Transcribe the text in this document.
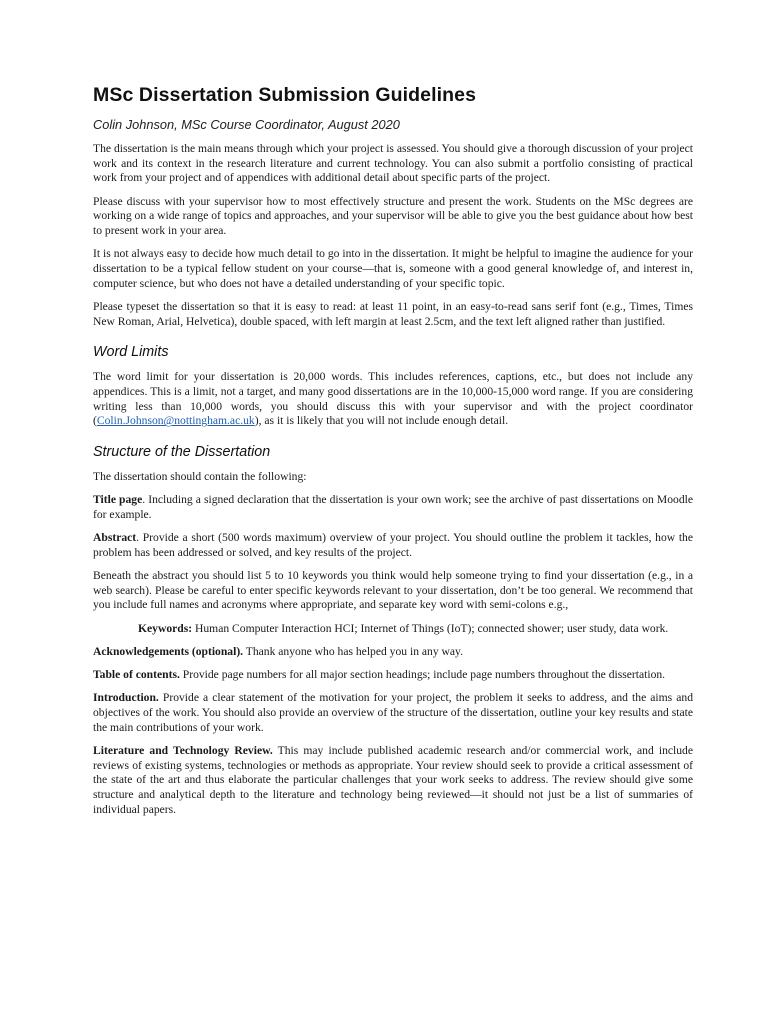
MSc Dissertation Submission Guidelines
Colin Johnson, MSc Course Coordinator, August 2020

The dissertation is the main means through which your project is assessed. You should give a thorough discussion of your project work and its context in the research literature and current technology. You can also submit a portfolio consisting of practical work from your project and of appendices with additional detail about specific parts of the project.

Please discuss with your supervisor how to most effectively structure and present the work. Students on the MSc degrees are working on a wide range of topics and approaches, and your supervisor will be able to give you the best guidance about how best to present work in your area.

It is not always easy to decide how much detail to go into in the dissertation. It might be helpful to imagine the audience for your dissertation to be a typical fellow student on your course—that is, someone with a good general knowledge of, and interest in, computer science, but who does not have a detailed understanding of your specific topic.

Please typeset the dissertation so that it is easy to read: at least 11 point, in an easy-to-read sans serif font (e.g., Times, Times New Roman, Arial, Helvetica), double spaced, with left margin at least 2.5cm, and the text left aligned rather than justified.

Word Limits

The word limit for your dissertation is 20,000 words. This includes references, captions, etc., but does not include any appendices. This is a limit, not a target, and many good dissertations are in the 10,000-15,000 word range. If you are considering writing less than 10,000 words, you should discuss this with your supervisor and with the project coordinator (Colin.Johnson@nottingham.ac.uk), as it is likely that you will not include enough detail.

Structure of the Dissertation

The dissertation should contain the following:

Title page. Including a signed declaration that the dissertation is your own work; see the archive of past dissertations on Moodle for example.

Abstract. Provide a short (500 words maximum) overview of your project. You should outline the problem it tackles, how the problem has been addressed or solved, and key results of the project.

Beneath the abstract you should list 5 to 10 keywords you think would help someone trying to find your dissertation (e.g., in a web search). Please be careful to enter specific keywords relevant to your dissertation, don’t be too general. We recommend that you include full names and acronyms where appropriate, and separate key word with semi-colons e.g.,

Keywords: Human Computer Interaction HCI; Internet of Things (IoT); connected shower; user study, data work.

Acknowledgements (optional). Thank anyone who has helped you in any way.

Table of contents. Provide page numbers for all major section headings; include page numbers throughout the dissertation.

Introduction. Provide a clear statement of the motivation for your project, the problem it seeks to address, and the aims and objectives of the work. You should also provide an overview of the structure of the dissertation, outline your key results and state the main contributions of your work.

Literature and Technology Review. This may include published academic research and/or commercial work, and include reviews of existing systems, technologies or methods as appropriate. Your review should seek to provide a critical assessment of the state of the art and thus elaborate the particular challenges that your work seeks to address. The review should give some structure and analytical depth to the literature and technology being reviewed—it should not just be a list of summaries of individual papers.
